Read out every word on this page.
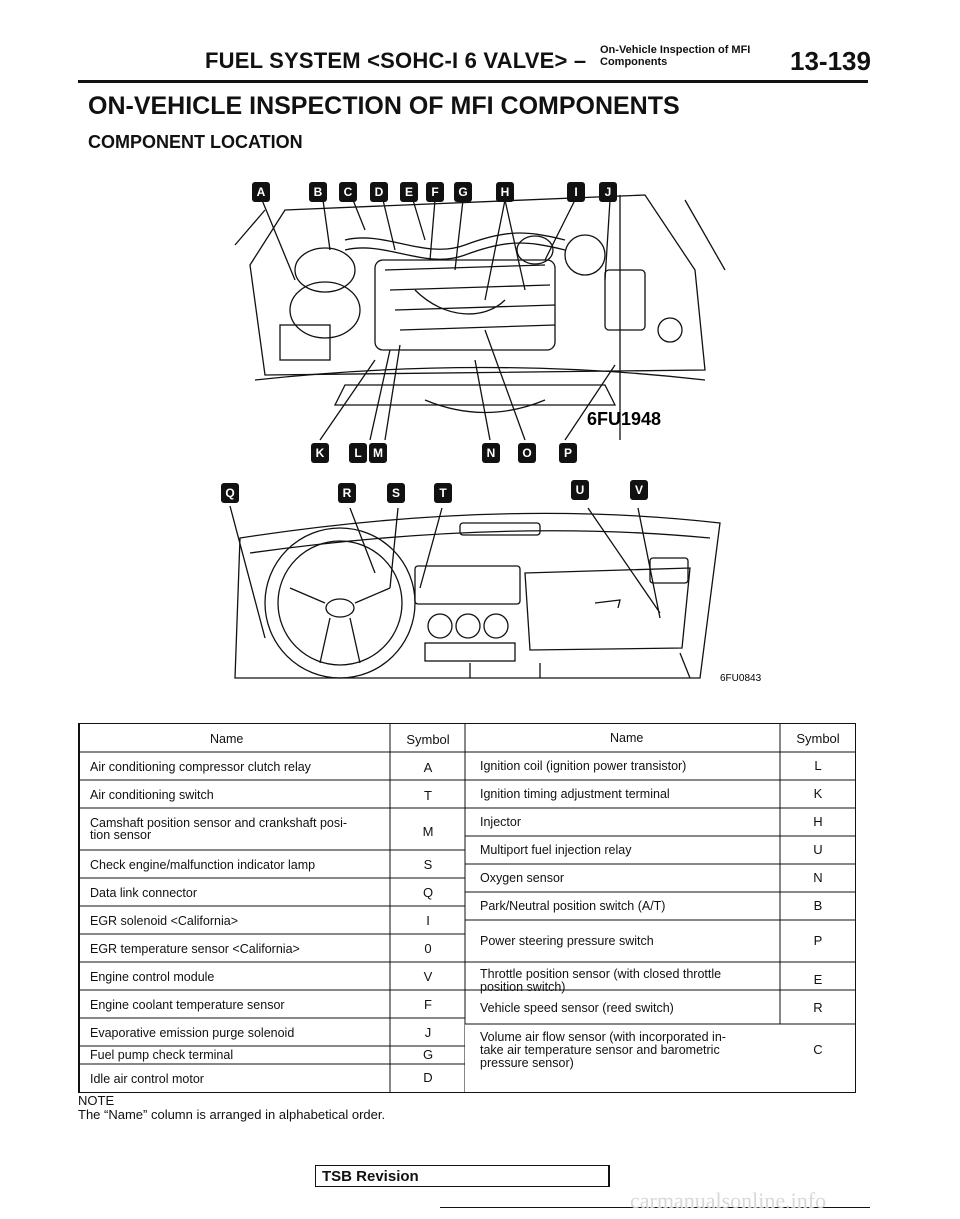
FUEL SYSTEM <SOHC-I 6 VALVE> – On-Vehicle Inspection of MFI
Components	13-139
ON-VEHICLE INSPECTION OF MFI COMPONENTS
COMPONENT LOCATION
6FU1948
A	B	C	D	E	F	G	H	I	J
K	L M	N	O	P
6FU0843
Q	R	S	T	U	V
Name	Symbol	Name	Symbol
Air conditioning compressor clutch relay	A
Air conditioning switch	T
Camshaft position sensor and crankshaft posi-
tion sensor	M
Check engine/malfunction indicator lamp	S
Data link connector	Q
EGR solenoid <California>	I
EGR temperature sensor <California>	0
Engine control module	V
Engine coolant temperature sensor	F
Evaporative emission purge solenoid	J
Fuel pump check terminal	G
Idle air control motor	D
Ignition coil (ignition power transistor)	L
Ignition timing adjustment terminal	K
Injector	H
Multiport fuel injection relay	U
Oxygen sensor	N
Park/Neutral position switch (A/T)	B
Power steering pressure switch	P
Throttle position sensor (with closed throttle
position switch)	E
Vehicle speed sensor (reed switch)	R
Volume air flow sensor (with incorporated in-
take air temperature sensor and barometric
pressure sensor)
C
NOTE
The “Name” column is arranged in alphabetical order.
TSB Revision
carmanualsonline.info
